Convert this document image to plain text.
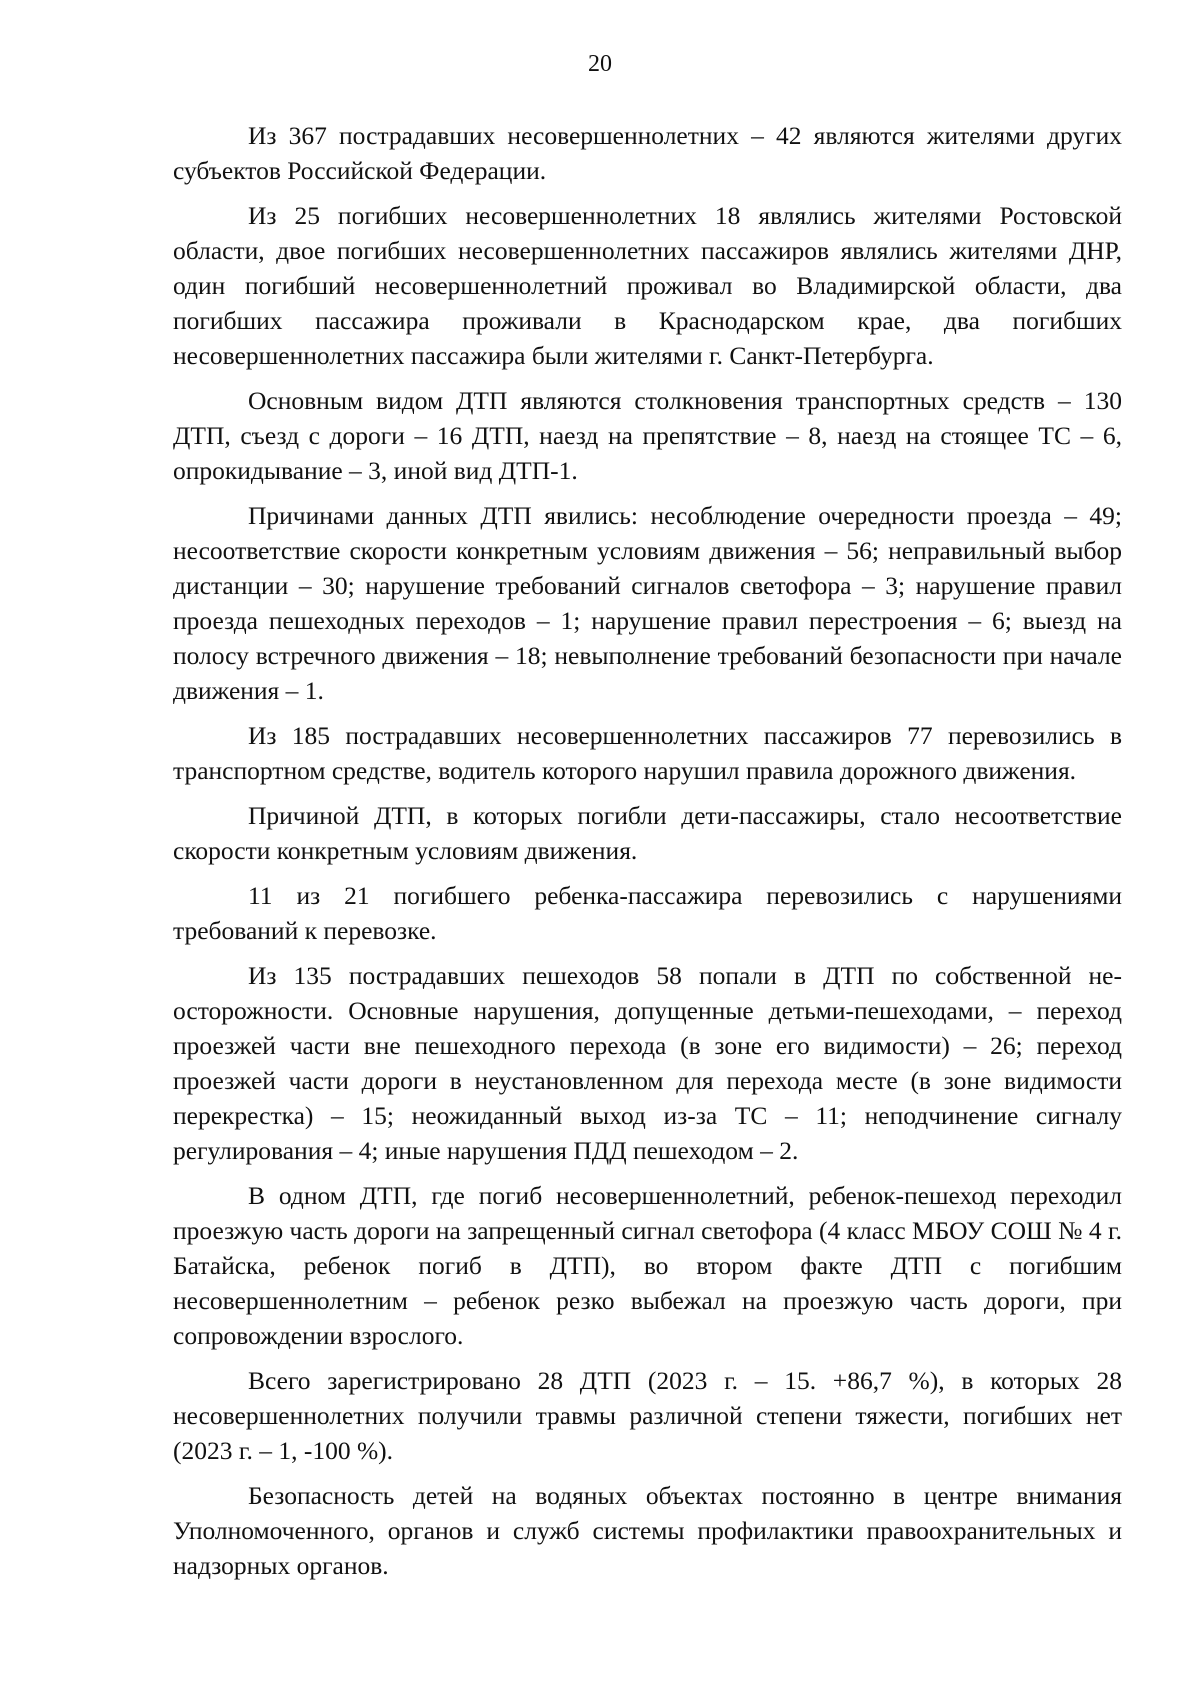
20

Из 367 пострадавших несовершеннолетних – 42 являются жителями других субъектов Российской Федерации.

Из 25 погибших несовершеннолетних 18 являлись жителями Ростовской области, двое погибших несовершеннолетних пассажиров являлись жителями ДНР, один погибший несовершеннолетний проживал во Владимирской области, два погибших пассажира проживали в Краснодарском крае, два погибших несовершеннолетних пассажира были жителями г. Санкт-Петербурга.

Основным видом ДТП являются столкновения транспортных средств – 130 ДТП, съезд с дороги – 16 ДТП, наезд на препятствие – 8, наезд на стоящее ТС – 6, опрокидывание – 3, иной вид ДТП-1.

Причинами данных ДТП явились: несоблюдение очередности проезда – 49; несоответствие скорости конкретным условиям движения – 56; неправильный выбор дистанции – 30; нарушение требований сигналов светофора – 3; нарушение правил проезда пешеходных переходов – 1; нарушение правил перестроения – 6; выезд на полосу встречного движения – 18; невыполнение требований безопасности при начале движения – 1.

Из 185 пострадавших несовершеннолетних пассажиров 77 перевозились в транспортном средстве, водитель которого нарушил правила дорожного движения.

Причиной ДТП, в которых погибли дети-пассажиры, стало несоответствие скорости конкретным условиям движения.

11 из 21 погибшего ребенка-пассажира перевозились с нарушениями требований к перевозке.

Из 135 пострадавших пешеходов 58 попали в ДТП по собственной неосторожности. Основные нарушения, допущенные детьми-пешеходами, – переход проезжей части вне пешеходного перехода (в зоне его видимости) – 26; переход проезжей части дороги в неустановленном для перехода месте (в зоне видимости перекрестка) – 15; неожиданный выход из-за ТС – 11; неподчинение сигналу регулирования – 4; иные нарушения ПДД пешеходом – 2.

В одном ДТП, где погиб несовершеннолетний, ребенок-пешеход переходил проезжую часть дороги на запрещенный сигнал светофора (4 класс МБОУ СОШ № 4 г. Батайска, ребенок погиб в ДТП), во втором факте ДТП с погибшим несовершеннолетним – ребенок резко выбежал на проезжую часть дороги, при сопровождении взрослого.

Всего зарегистрировано 28 ДТП (2023 г. – 15. +86,7 %), в которых 28 несовершеннолетних получили травмы различной степени тяжести, погибших нет (2023 г. – 1, -100 %).

Безопасность детей на водяных объектах постоянно в центре внимания Уполномоченного, органов и служб системы профилактики правоохранительных и надзорных органов.
